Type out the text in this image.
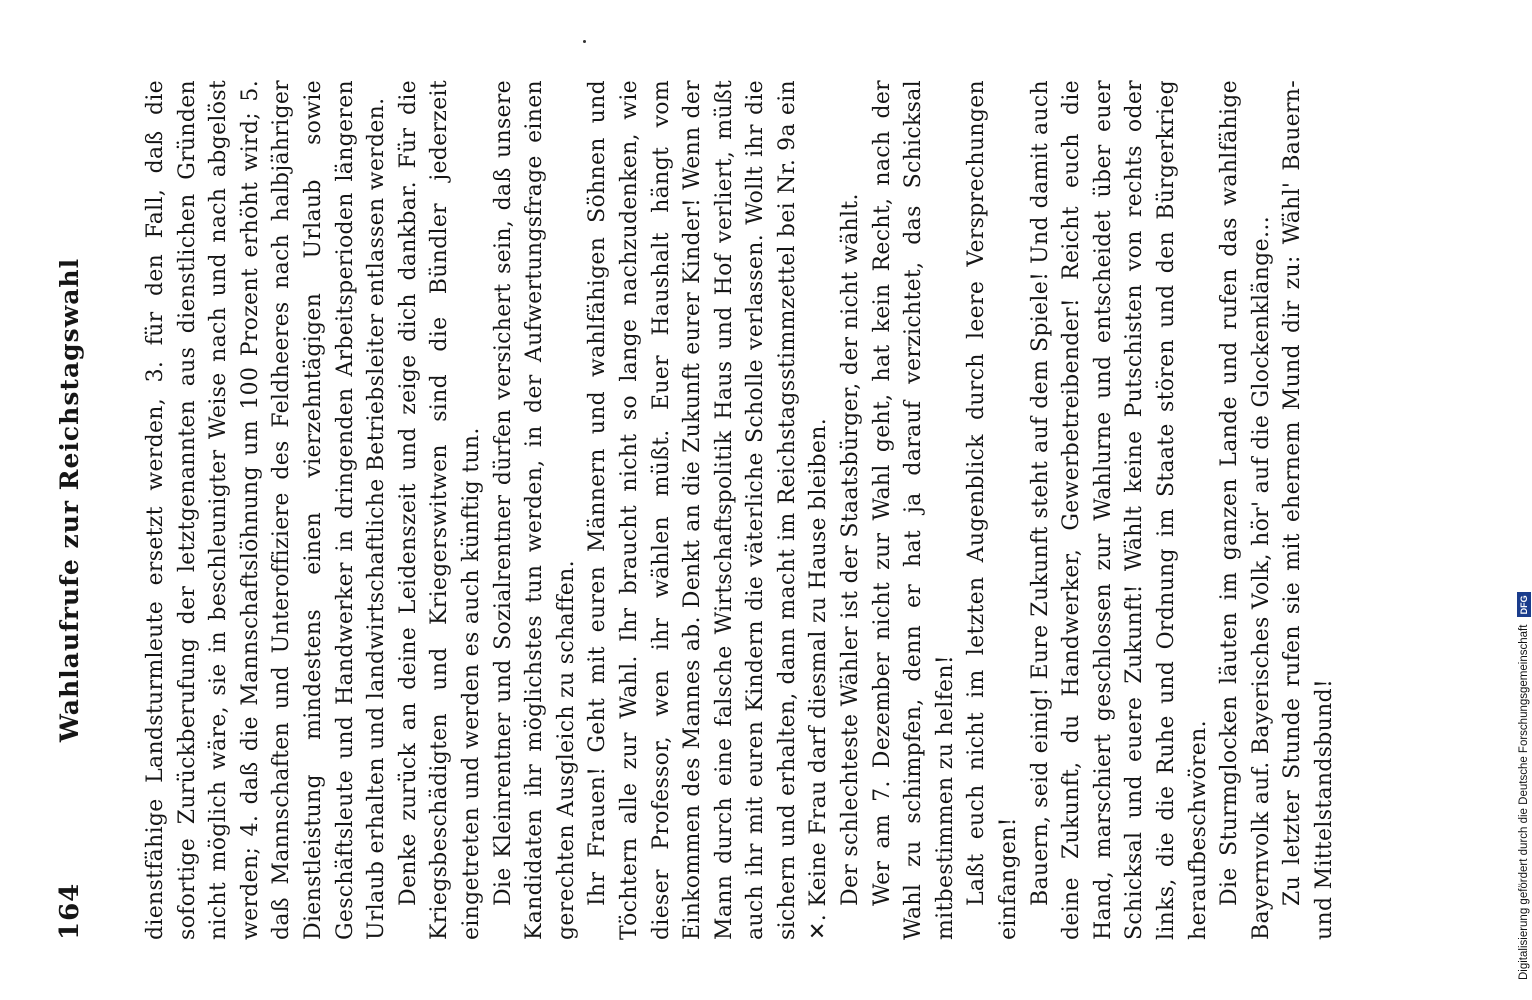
164
Wahlaufrufe zur Reichstagswahl	dienstfähige Landsturmleute ersetzt werden, 3. für den Fall, daß die sofortige Zurückberufung der letztgenannten aus dienstlichen Gründen nicht möglich wäre, sie in beschleunigter Weise nach und nach abgelöst werden; 4. daß die Mannschaftslöhnung um 100 Prozent erhöht wird; 5. daß Mannschaften und Unteroffiziere des Feldheeres nach halbjähriger Dienstleistung mindestens einen vierzehntägigen Urlaub sowie Geschäftsleute und Handwerker in dringenden Arbeitsperioden längeren Urlaub erhalten und landwirtschaftliche Betriebsleiter entlassen werden. Denke zurück an deine Leidenszeit und zeige dich dankbar. Für die Kriegsbeschädigten und Kriegerswitwen sind die Bündler jederzeit eingetreten und werden es auch künftig tun. Die Kleinrentner und Sozialrentner dürfen versichert sein, daß unsere Kandidaten ihr möglichstes tun werden, in der Aufwertungsfrage einen gerechten Ausgleich zu schaffen. Ihr Frauen! Geht mit euren Männern und wahlfähigen Söhnen und Töchtern alle zur Wahl. Ihr braucht nicht so lange nachzudenken, wie dieser Professor, wen ihr wählen müßt. Euer Haushalt hängt vom Einkommen des Mannes ab. Denkt an die Zukunft eurer Kinder! Wenn der Mann durch eine falsche Wirtschaftspolitik Haus und Hof verliert, müßt auch ihr mit euren Kindern die väterliche Scholle verlassen. Wollt ihr die sichern und erhalten, dann macht im Reichstagsstimmzettel bei Nr. 9a ein ✕. Keine Frau darf diesmal zu Hause bleiben. Der schlechteste Wähler ist der Staatsbürger, der nicht wählt. Wer am 7. Dezember nicht zur Wahl geht, hat kein Recht, nach der Wahl zu schimpfen, denn er hat ja darauf verzichtet, das Schicksal mitbestimmen zu helfen! Laßt euch nicht im letzten Augenblick durch leere Versprechungen einfangen! Bauern, seid einig! Eure Zukunft steht auf dem Spiele! Und damit auch deine Zukunft, du Handwerker, Gewerbetreibender! Reicht euch die Hand, marschiert geschlossen zur Wahlurne und entscheidet über euer Schicksal und euere Zukunft! Wählt keine Putschisten von rechts oder links, die die Ruhe und Ordnung im Staate stören und den Bürgerkrieg heraufbeschwören. Die Sturmglocken läuten im ganzen Lande und rufen das wahlfähige Bayernvolk auf. Bayerisches Volk, hör' auf die Glockenklänge… Zu letzter Stunde rufen sie mit ehernem Mund dir zu: Wähl' Bauern- und Mittelstandsbund!	Digitalisierung gefördert durch die Deutsche Forschungsgemeinschaft DFG
